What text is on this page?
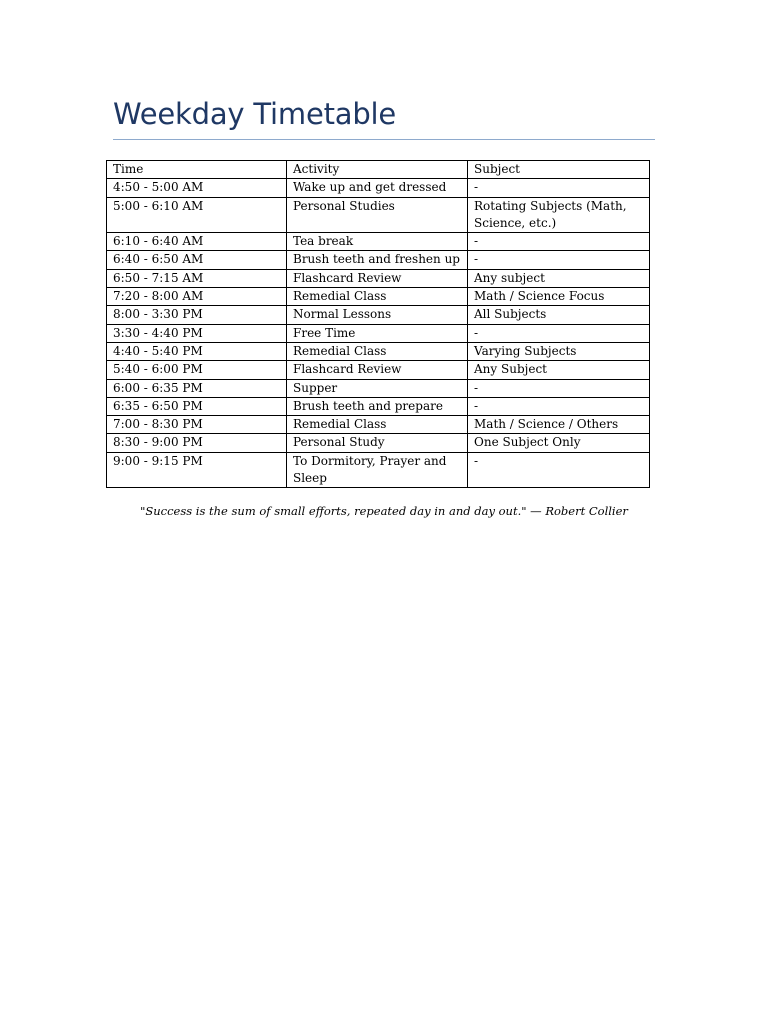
Weekday Timetable
Time	Activity	Subject
4:50 - 5:00 AM	Wake up and get dressed	-
5:00 - 6:10 AM	Personal Studies	Rotating Subjects (Math, Science, etc.)
6:10 - 6:40 AM	Tea break	-
6:40 - 6:50 AM	Brush teeth and freshen up	-
6:50 - 7:15 AM	Flashcard Review	Any subject
7:20 - 8:00 AM	Remedial Class	Math / Science Focus
8:00 - 3:30 PM	Normal Lessons	All Subjects
3:30 - 4:40 PM	Free Time	-
4:40 - 5:40 PM	Remedial Class	Varying Subjects
5:40 - 6:00 PM	Flashcard Review	Any Subject
6:00 - 6:35 PM	Supper	-
6:35 - 6:50 PM	Brush teeth and prepare	-
7:00 - 8:30 PM	Remedial Class	Math / Science / Others
8:30 - 9:00 PM	Personal Study	One Subject Only
9:00 - 9:15 PM	To Dormitory, Prayer and Sleep	-

"Success is the sum of small efforts, repeated day in and day out." — Robert Collier
